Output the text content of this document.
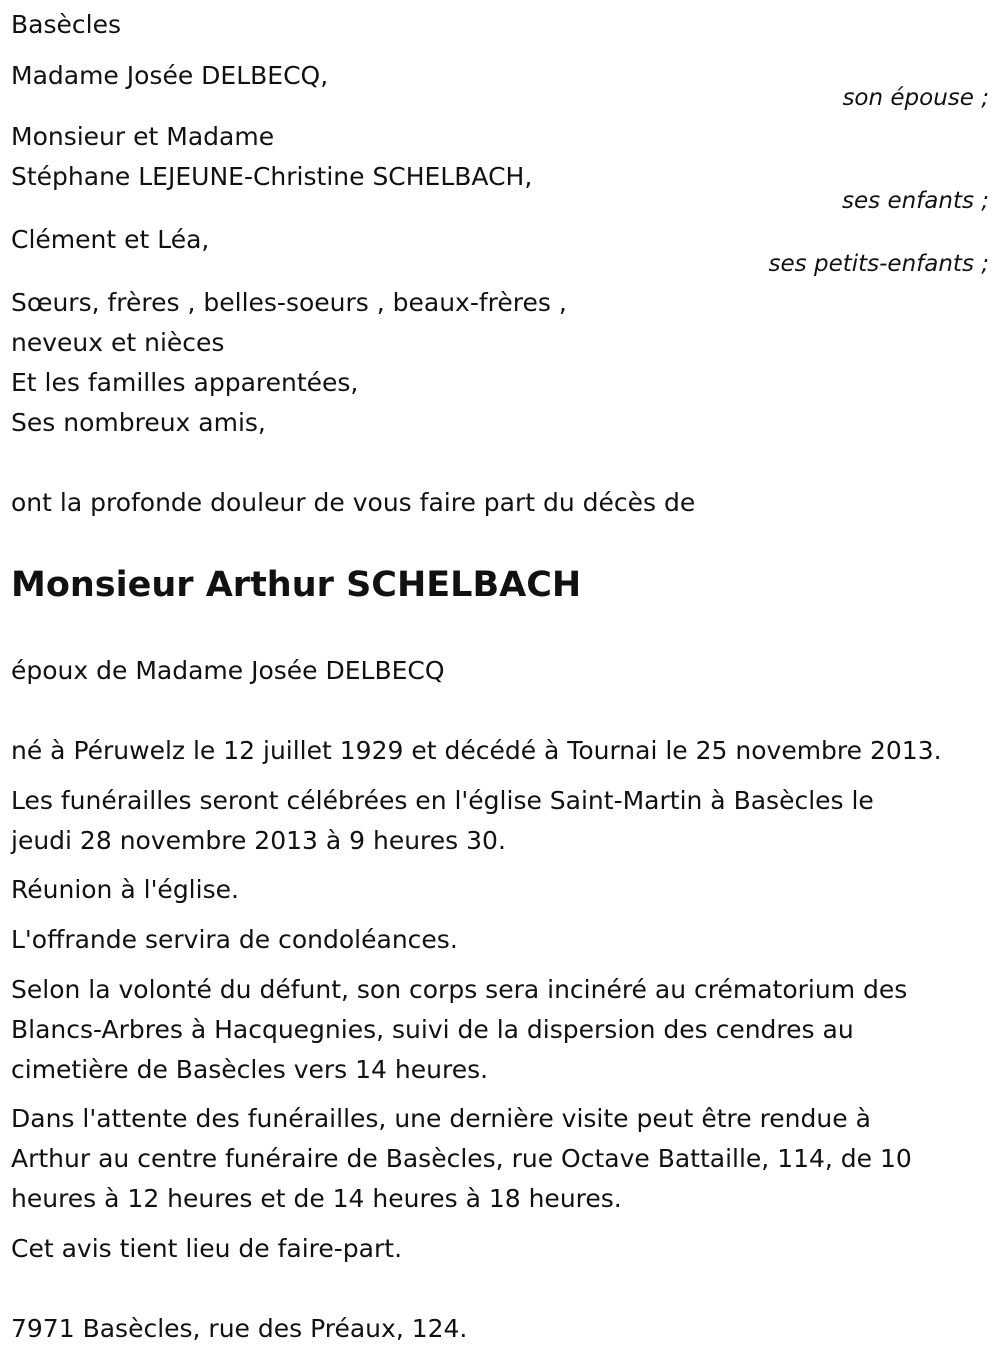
Basècles

Madame Josée DELBECQ,

son épouse ;

Monsieur et Madame

Stéphane LEJEUNE-Christine SCHELBACH,

ses enfants ;

Clément et Léa,

ses petits-enfants ;

Sœurs, frères , belles-soeurs , beaux-frères ,

neveux et nièces

Et les familles apparentées,

Ses nombreux amis,

ont la profonde douleur de vous faire part du décès de

Monsieur Arthur SCHELBACH

époux de Madame Josée DELBECQ

né à Péruwelz le 12 juillet 1929 et décédé à Tournai le 25 novembre 2013.

Les funérailles seront célébrées en l'église Saint-Martin à Basècles le

jeudi 28 novembre 2013 à 9 heures 30.

Réunion à l'église.

L'offrande servira de condoléances.

Selon la volonté du défunt, son corps sera incinéré au crématorium des

Blancs-Arbres à Hacquegnies, suivi de la dispersion des cendres au

cimetière de Basècles vers 14 heures.

Dans l'attente des funérailles, une dernière visite peut être rendue à

Arthur au centre funéraire de Basècles, rue Octave Battaille, 114, de 10

heures à 12 heures et de 14 heures à 18 heures.

Cet avis tient lieu de faire-part.

7971 Basècles, rue des Préaux, 124.
